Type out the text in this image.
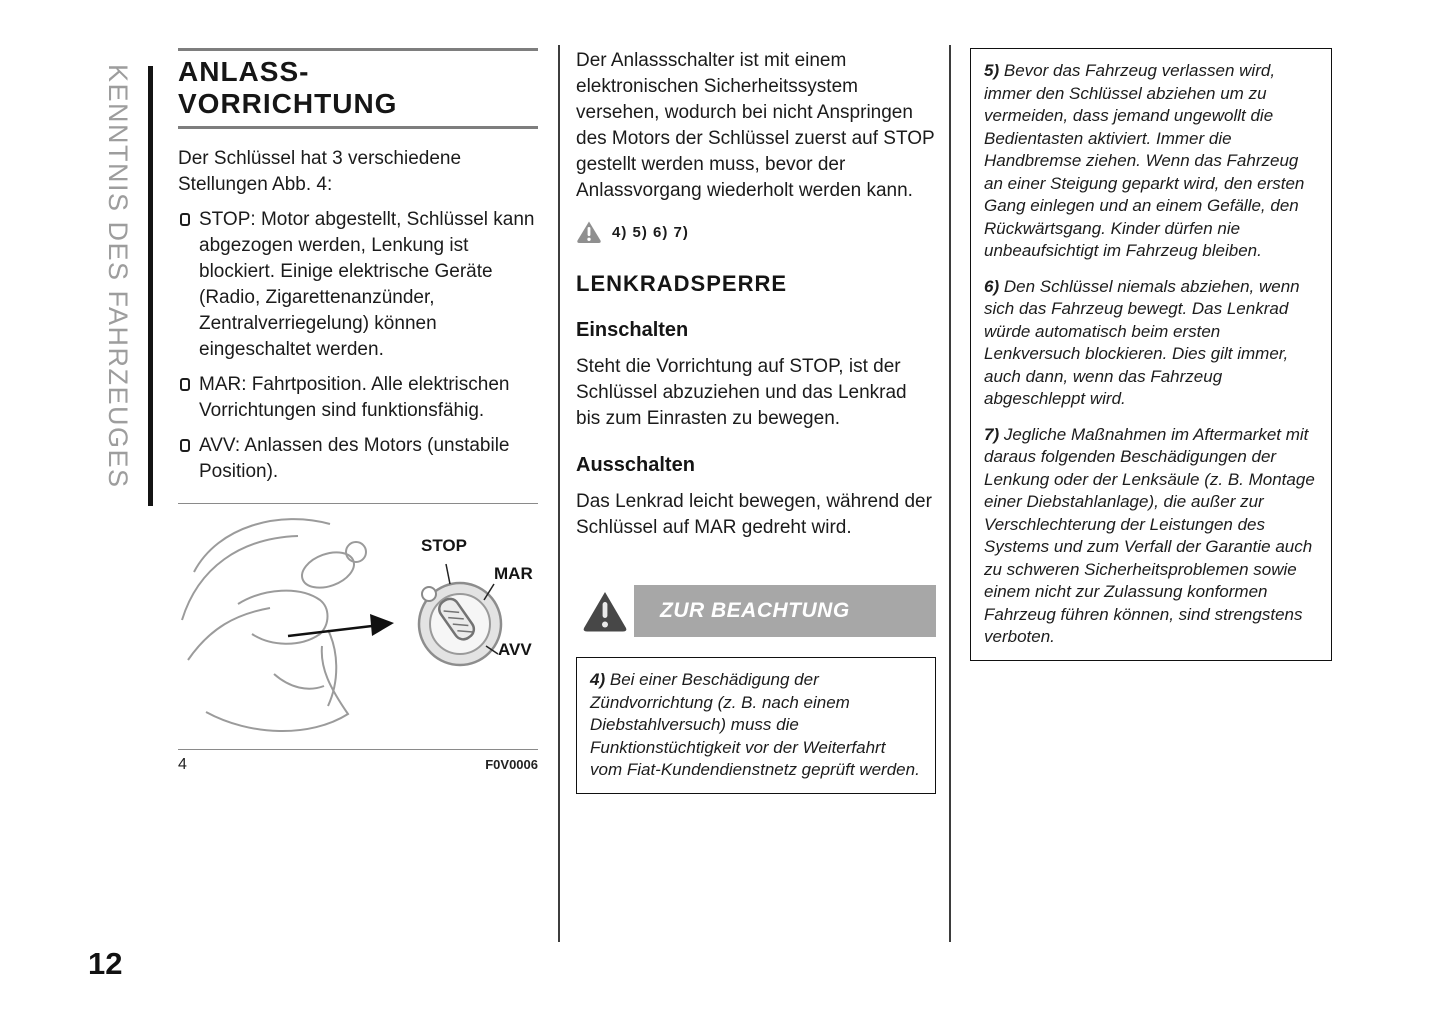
KENNTNIS DES FAHRZEUGES
12
ANLASS-
VORRICHTUNG

Der Schlüssel hat 3 verschiedene Stellungen Abb. 4:

STOP: Motor abgestellt, Schlüssel kann abgezogen werden, Lenkung ist blockiert. Einige elektrische Geräte (Radio, Zigarettenanzünder, Zentralverriegelung) können eingeschaltet werden.
MAR: Fahrtposition. Alle elektrischen Vorrichtungen sind funktionsfähig.
AVV: Anlassen des Motors (unstabile Position).
STOP
MAR
AVV
4	F0V0006

Der Anlassschalter ist mit einem elektronischen Sicherheitssystem versehen, wodurch bei nicht Anspringen des Motors der Schlüssel zuerst auf STOP gestellt werden muss, bevor der Anlassvorgang wiederholt werden kann.

4) 5) 6) 7)
LENKRADSPERRE
Einschalten

Steht die Vorrichtung auf STOP, ist der Schlüssel abzuziehen und das Lenkrad bis zum Einrasten zu bewegen.

Ausschalten

Das Lenkrad leicht bewegen, während der Schlüssel auf MAR gedreht wird.

ZUR BEACHTUNG
4) Bei einer Beschädigung der Zündvorrichtung (z. B. nach einem Diebstahlversuch) muss die Funktionstüchtigkeit vor der Weiterfahrt vom Fiat-Kundendienstnetz geprüft werden.

5) Bevor das Fahrzeug verlassen wird, immer den Schlüssel abziehen um zu vermeiden, dass jemand ungewollt die Bedientasten aktiviert. Immer die Handbremse ziehen. Wenn das Fahrzeug an einer Steigung geparkt wird, den ersten Gang einlegen und an einem Gefälle, den Rückwärtsgang. Kinder dürfen nie unbeaufsichtigt im Fahrzeug bleiben.

6) Den Schlüssel niemals abziehen, wenn sich das Fahrzeug bewegt. Das Lenkrad würde automatisch beim ersten Lenkversuch blockieren. Dies gilt immer, auch dann, wenn das Fahrzeug abgeschleppt wird.

7) Jegliche Maßnahmen im Aftermarket mit daraus folgenden Beschädigungen der Lenkung oder der Lenksäule (z. B. Montage einer Diebstahlanlage), die außer zur Verschlechterung der Leistungen des Systems und zum Verfall der Garantie auch zu schweren Sicherheitsproblemen sowie einem nicht zur Zulassung konformen Fahrzeug führen können, sind strengstens verboten.
